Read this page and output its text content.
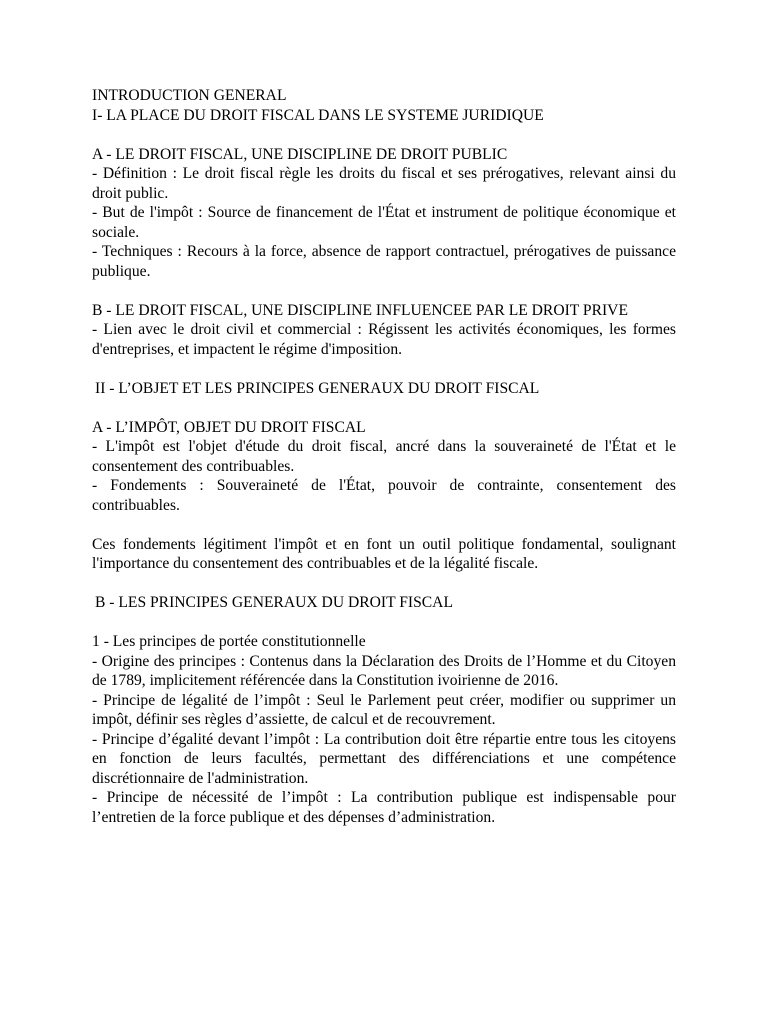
INTRODUCTION GENERAL

I- LA PLACE DU DROIT FISCAL DANS LE SYSTEME JURIDIQUE

A - LE DROIT FISCAL, UNE DISCIPLINE DE DROIT PUBLIC

- Définition : Le droit fiscal règle les droits du fiscal et ses prérogatives, relevant ainsi du droit public.

- But de l'impôt : Source de financement de l'État et instrument de politique économique et sociale.

- Techniques : Recours à la force, absence de rapport contractuel, prérogatives de puissance publique.

B - LE DROIT FISCAL, UNE DISCIPLINE INFLUENCEE PAR LE DROIT PRIVE

- Lien avec le droit civil et commercial : Régissent les activités économiques, les formes d'entreprises, et impactent le régime d'imposition.

II - L’OBJET ET LES PRINCIPES GENERAUX DU DROIT FISCAL

A - L’IMPÔT, OBJET DU DROIT FISCAL

- L'impôt est l'objet d'étude du droit fiscal, ancré dans la souveraineté de l'État et le consentement des contribuables.

- Fondements : Souveraineté de l'État, pouvoir de contrainte, consentement des contribuables.

Ces fondements légitiment l'impôt et en font un outil politique fondamental, soulignant l'importance du consentement des contribuables et de la légalité fiscale.

B - LES PRINCIPES GENERAUX DU DROIT FISCAL

1 - Les principes de portée constitutionnelle

- Origine des principes : Contenus dans la Déclaration des Droits de l’Homme et du Citoyen de 1789, implicitement référencée dans la Constitution ivoirienne de 2016.

- Principe de légalité de l’impôt : Seul le Parlement peut créer, modifier ou supprimer un impôt, définir ses règles d’assiette, de calcul et de recouvrement.

- Principe d’égalité devant l’impôt : La contribution doit être répartie entre tous les citoyens en fonction de leurs facultés, permettant des différenciations et une compétence discrétionnaire de l'administration.

- Principe de nécessité de l’impôt : La contribution publique est indispensable pour l’entretien de la force publique et des dépenses d’administration.
